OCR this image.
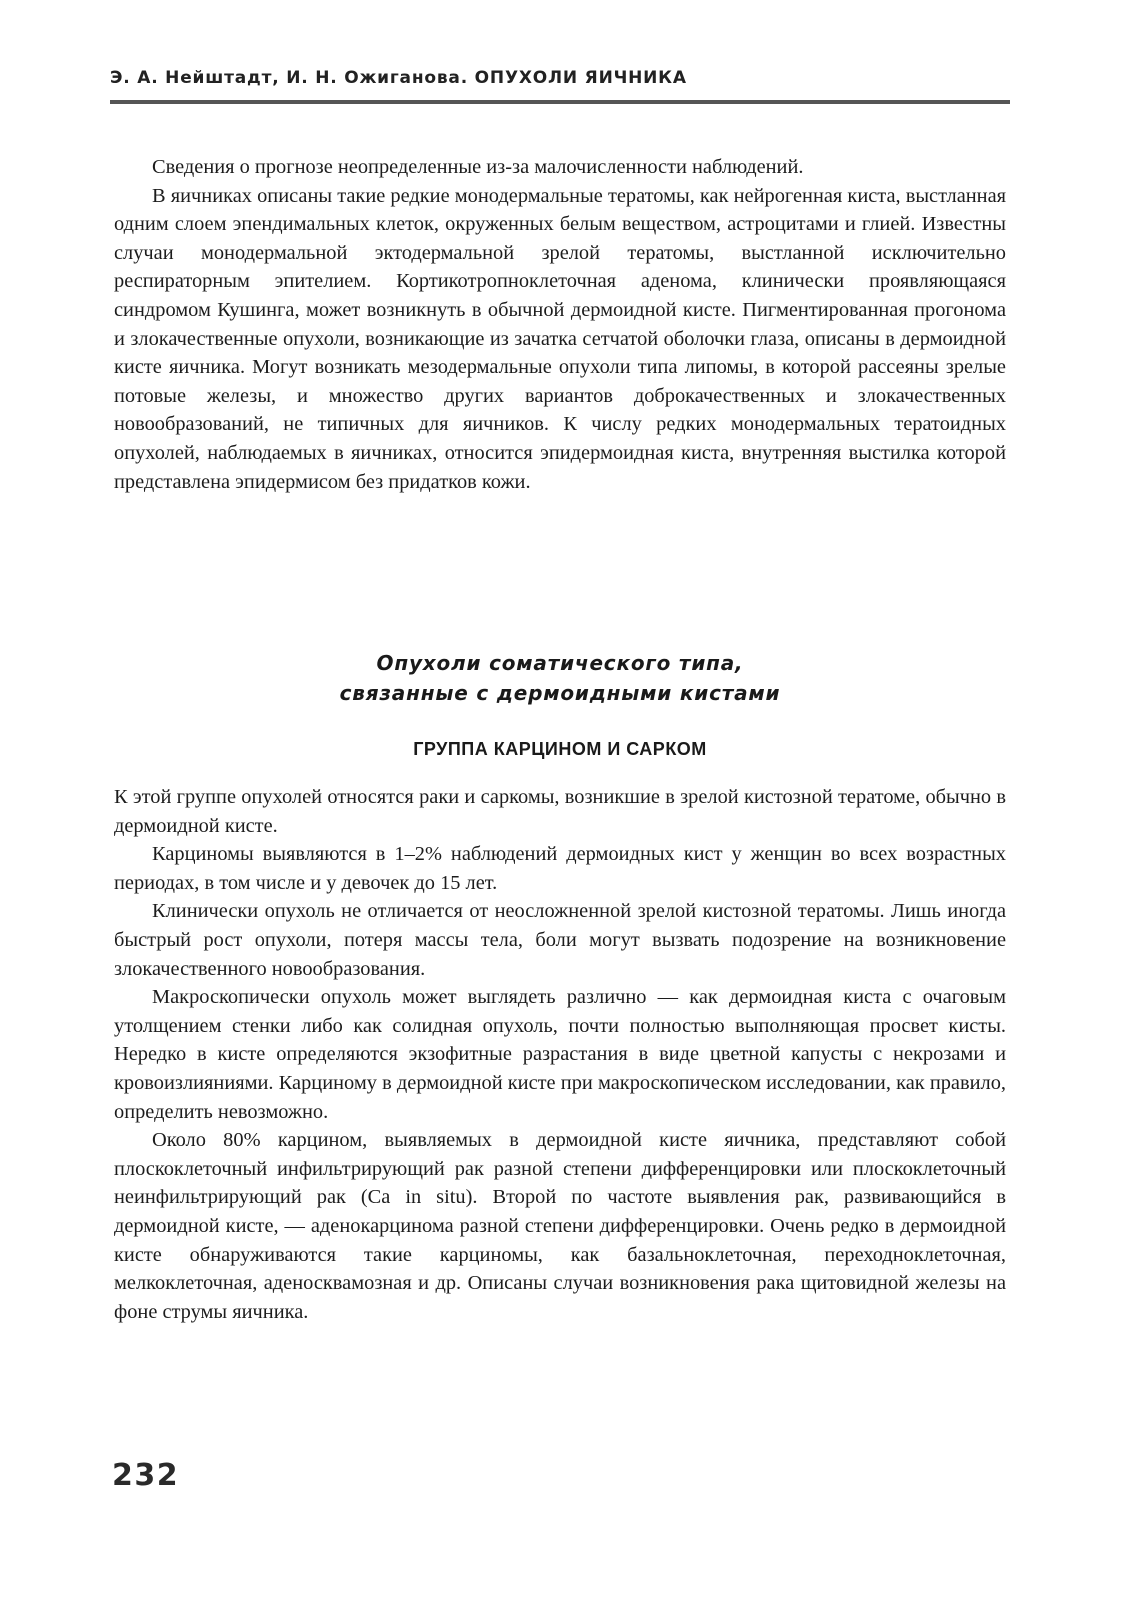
Э. А. Нейштадт, И. Н. Ожиганова. ОПУХОЛИ ЯИЧНИКА

Сведения о прогнозе неопределенные из-за малочисленности наблюдений.

В яичниках описаны такие редкие монодермальные тератомы, как нейрогенная киста, выстланная одним слоем эпендимальных клеток, окруженных белым веществом, астроцитами и глией. Известны случаи монодермальной эктодермальной зрелой тератомы, выстланной исключительно респираторным эпителием. Кортикотропноклеточная аденома, клинически проявляющаяся синдромом Кушинга, может возникнуть в обычной дермоидной кисте. Пигментированная прогонома и злокачественные опухоли, возникающие из зачатка сетчатой оболочки глаза, описаны в дермоидной кисте яичника. Могут возникать мезодермальные опухоли типа липомы, в которой рассеяны зрелые потовые железы, и множество других вариантов доброкачественных и злокачественных новообразований, не типичных для яичников. К числу редких монодермальных тератоидных опухолей, наблюдаемых в яичниках, относится эпидермоидная киста, внутренняя выстилка которой представлена эпидермисом без придатков кожи.

Опухоли соматического типа,
связанные с дермоидными кистами
ГРУППА КАРЦИНОМ И САРКОМ

К этой группе опухолей относятся раки и саркомы, возникшие в зрелой кистозной тератоме, обычно в дермоидной кисте.

Карциномы выявляются в 1–2% наблюдений дермоидных кист у женщин во всех возрастных периодах, в том числе и у девочек до 15 лет.

Клинически опухоль не отличается от неосложненной зрелой кистозной тератомы. Лишь иногда быстрый рост опухоли, потеря массы тела, боли могут вызвать подозрение на возникновение злокачественного новообразования.

Макроскопически опухоль может выглядеть различно — как дермоидная киста с очаговым утолщением стенки либо как солидная опухоль, почти полностью выполняющая просвет кисты. Нередко в кисте определяются экзофитные разрастания в виде цветной капусты с некрозами и кровоизлияниями. Карциному в дермоидной кисте при макроскопическом исследовании, как правило, определить невозможно.

Около 80% карцином, выявляемых в дермоидной кисте яичника, представляют собой плоскоклеточный инфильтрирующий рак разной степени дифференцировки или плоскоклеточный неинфильтрирующий рак (Ca in situ). Второй по частоте выявления рак, развивающийся в дермоидной кисте, — аденокарцинома разной степени дифференцировки. Очень редко в дермоидной кисте обнаруживаются такие карциномы, как базальноклеточная, переходноклеточная, мелкоклеточная, аденосквамозная и др. Описаны случаи возникновения рака щитовидной железы на фоне струмы яичника.

232
